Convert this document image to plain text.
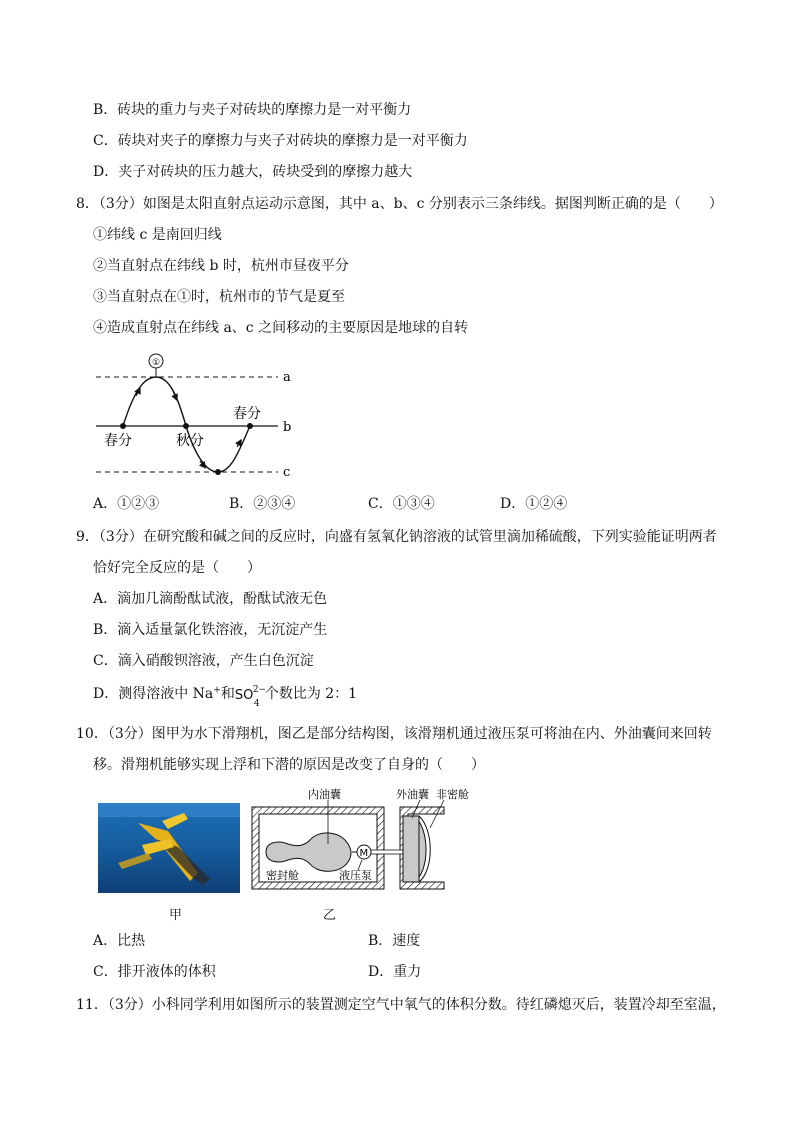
B．砖块的重力与夹子对砖块的摩擦力是一对平衡力
C．砖块对夹子的摩擦力与夹子对砖块的摩擦力是一对平衡力
D．夹子对砖块的压力越大，砖块受到的摩擦力越大
8．（3分）如图是太阳直射点运动示意图，其中 a、b、c 分别表示三条纬线。据图判断正确的是（　　）
①纬线 c 是南回归线
②当直射点在纬线 b 时，杭州市昼夜平分
③当直射点在①时，杭州市的节气是夏至
④造成直射点在纬线 a、c 之间移动的主要原因是地球的自转
①
a
b
c
春分	秋分
春分
A．①②③	B．②③④	C．①③④	D．①②④
9．（3分）在研究酸和碱之间的反应时，向盛有氢氧化钠溶液的试管里滴加稀硫酸，下列实验能证明两者
恰好完全反应的是（　　）
A．滴加几滴酚酞试液，酚酞试液无色
B．滴入适量氯化铁溶液，无沉淀产生
C．滴入硝酸钡溶液，产生白色沉淀
D．测得溶液中 Na+和 SO 2−
4
个数比为 2：1
10．（3分）图甲为水下滑翔机，图乙是部分结构图，该滑翔机通过液压泵可将油在内、外油囊间来回转
移。滑翔机能够实现上浮和下潜的原因是改变了自身的（　　）
甲
M
内油囊	外油囊 非密舱
密封舱	液压泵
乙
A．比热	B．速度
C．排开液体的体积	D．重力
11．（3分）小科同学利用如图所示的装置测定空气中氧气的体积分数。待红磷熄灭后，装置冷却至室温，
